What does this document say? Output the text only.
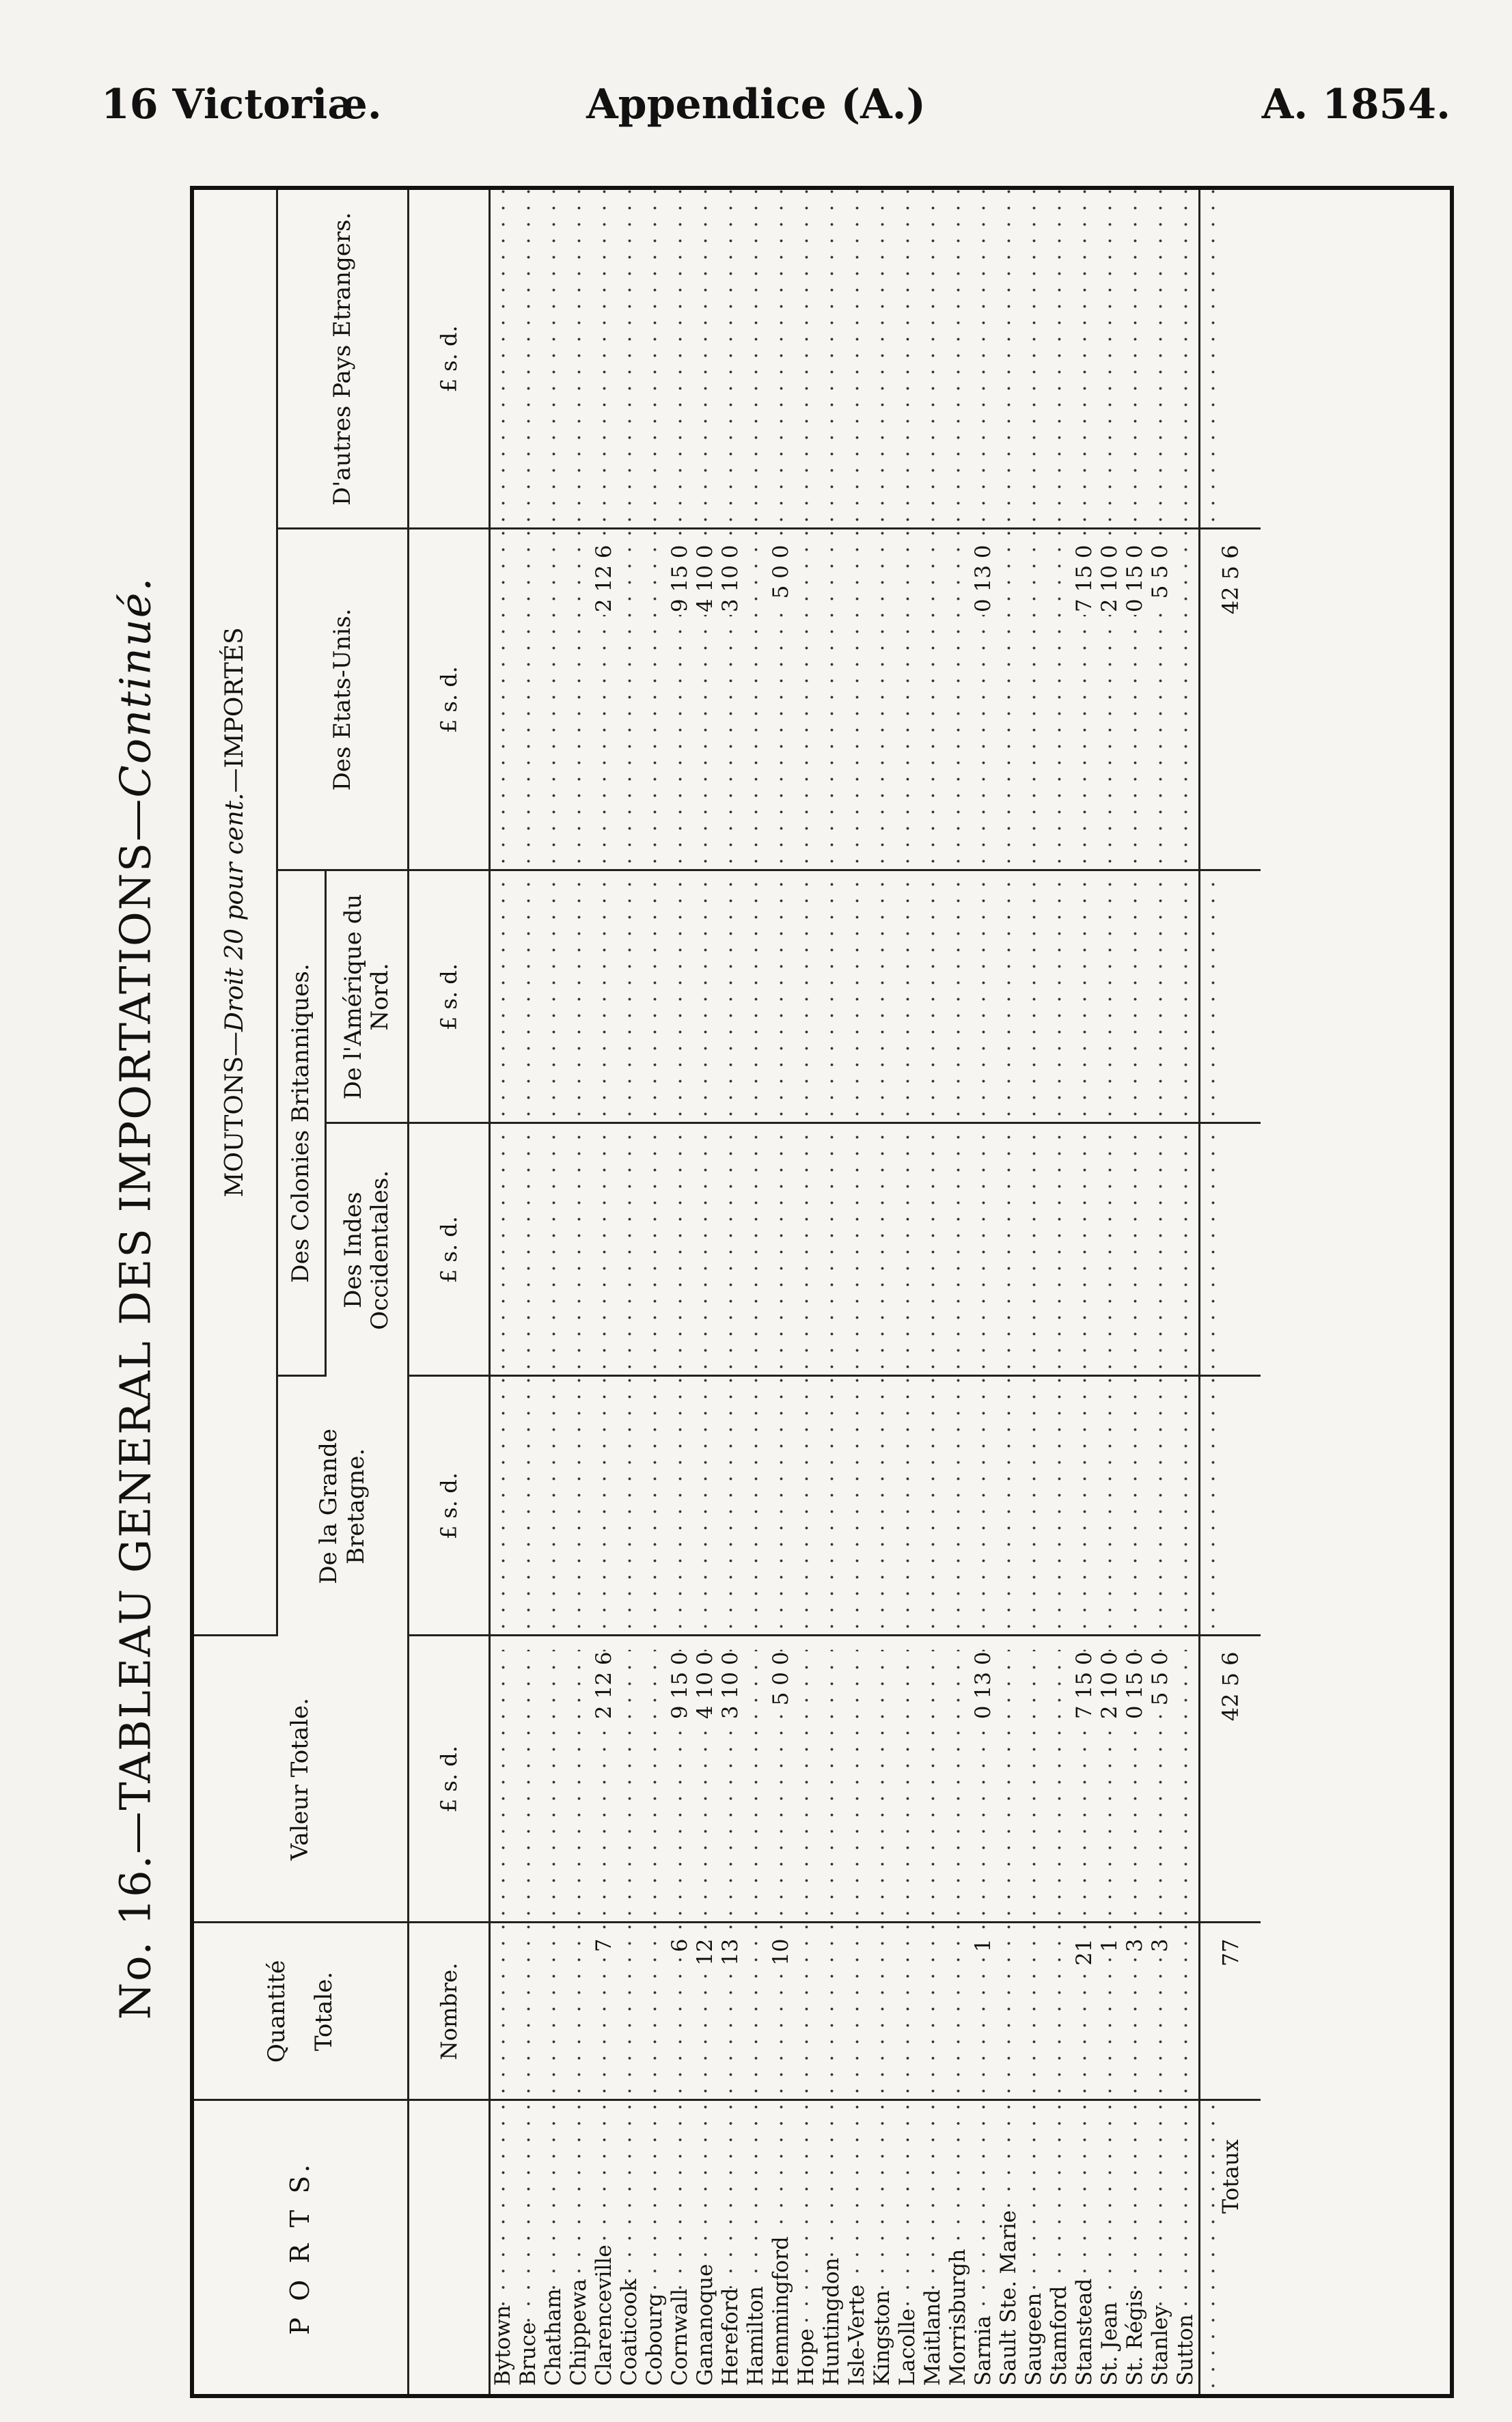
16 Victoriæ.	Appendice (A.)	A. 1854.
No. 16.—TABLEAU GENERAL DES IMPORTATIONS—Continué.
P O R T S.	Quantité Totale.	Valeur Totale.	MOUTONS—Droit 20 pour cent.—IMPORTÉS				
			De la Grande Bretagne.	Des Colonies Britanniques.		Des Etats-Unis.	D'autres Pays Etrangers.
				Des Indes Occidentales.	De l'Amérique du Nord.		
	Nombre.	£ s. d.	£ s. d.	£ s. d.	£ s. d.	£ s. d.	£ s. d.
Bytown							
Bruce							
Chatham							
Chippewa							
Clarenceville	7	2 12 6				2 12 6	
Coaticook							
Cobourg							
Cornwall	6	9 15 0				9 15 0	
Gananoque	12	4 10 0				4 10 0	
Hereford	13	3 10 0				3 10 0	
Hamilton							
Hemmingford	10	5 0 0				5 0 0	
Hope							
Huntingdon							
Isle-Verte							
Kingston							
Lacolle							
Maitland							
Morrisburgh							
Sarnia	1	0 13 0				0 13 0	
Sault Ste. Marie							
Saugeen							
Stamford							
Stanstead	21	7 15 0				7 15 0	
St. Jean	1	2 10 0				2 10 0	
St. Régis	3	0 15 0				0 15 0	
Stanley	3	5 5 0				5 5 0	
Sutton							
Totaux	77	42 5 6				42 5 6	
